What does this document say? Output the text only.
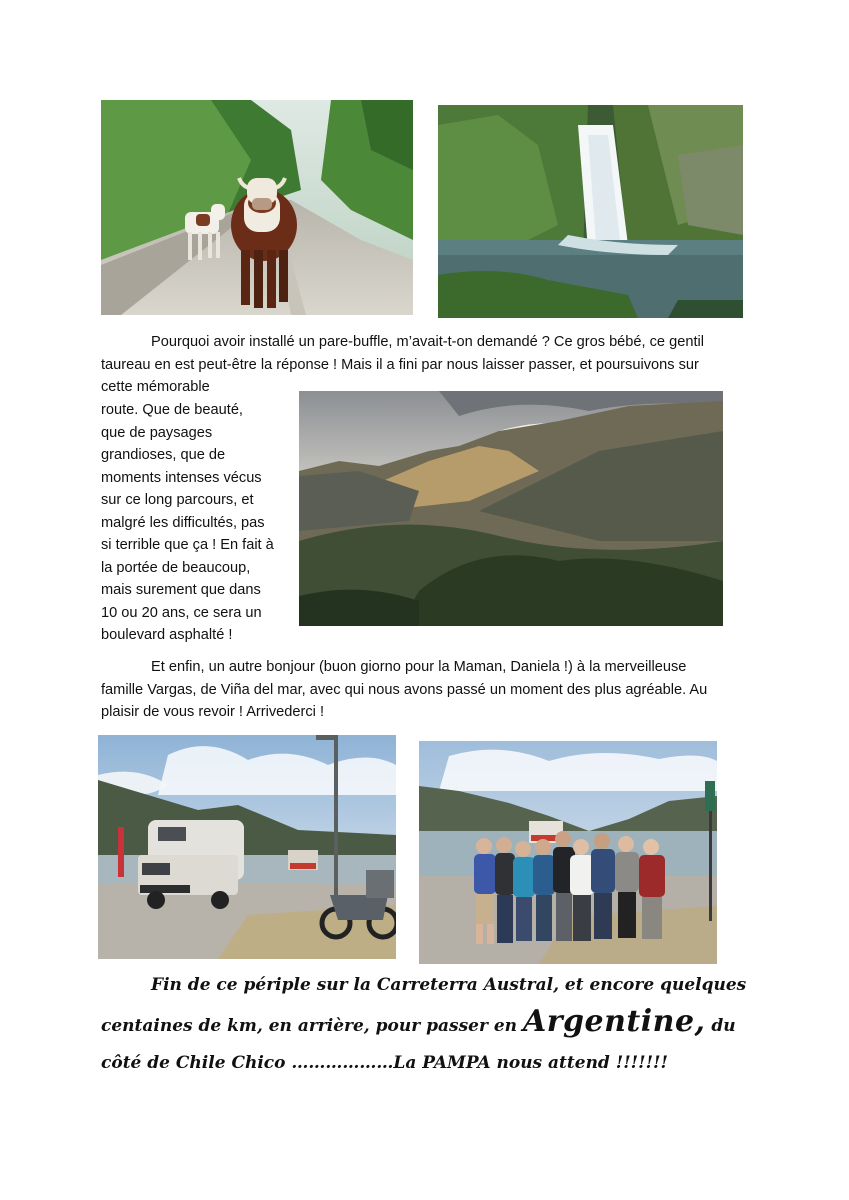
Pourquoi avoir installé un pare-buffle, m’avait-t-on demandé ? Ce gros bébé, ce gentil
taureau en est peut-être la réponse ! Mais il a fini par nous laisser passer, et poursuivons sur
cette mémorable
route. Que de beauté,
que de paysages
grandioses, que de
moments intenses vécus
sur ce long parcours, et
malgré les difficultés, pas
si terrible que ça ! En fait à
la portée de beaucoup,
mais surement que dans
10 ou 20 ans, ce sera un
boulevard asphalté !
Et enfin, un autre bonjour (buon giorno pour la Maman, Daniela !) à la merveilleuse
famille Vargas, de Viña del mar, avec qui nous avons passé un moment des plus agréable. Au
plaisir de vous revoir ! Arrivederci !
Fin de ce périple sur la Carreterra Austral, et encore quelques
centaines de km, en arrière, pour passer en Argentine, du
côté de Chile Chico ………………La PAMPA nous attend !!!!!!!
